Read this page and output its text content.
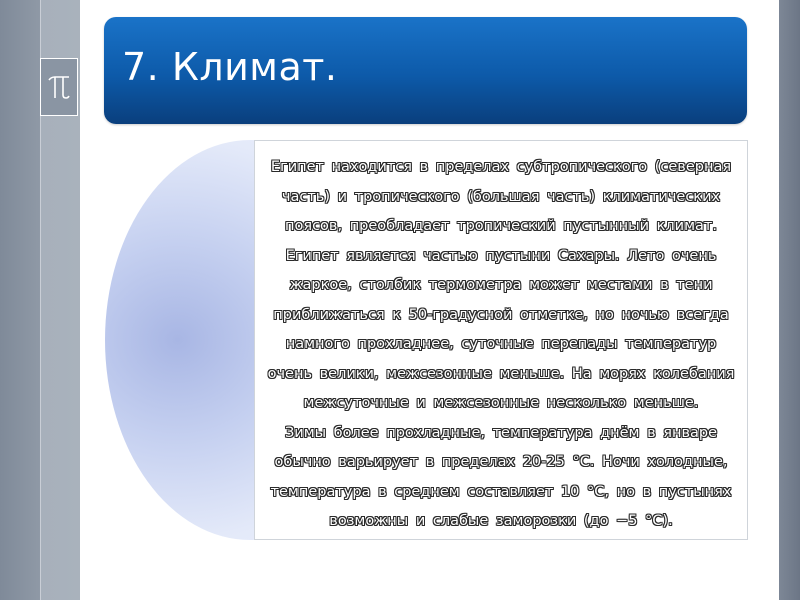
7. Климат.

Египет находится в пределах субтропического (северная

часть) и тропического (большая часть) климатических

поясов, преобладает тропический пустынный климат.

Египет является частью пустыни Сахары. Лето очень

жаркое, столбик термометра может местами в тени

приближаться к 50-градусной отметке, но ночью всегда

намного прохладнее, суточные перепады температур

очень велики, межсезонные меньше. На морях колебания

межсуточные и межсезонные несколько меньше.

Зимы более прохладные, температура днём в январе

обычно варьирует в пределах 20-25 °C. Ночи холодные,

температура в среднем составляет 10 °C, но в пустынях

возможны и слабые заморозки (до −5 °C).
